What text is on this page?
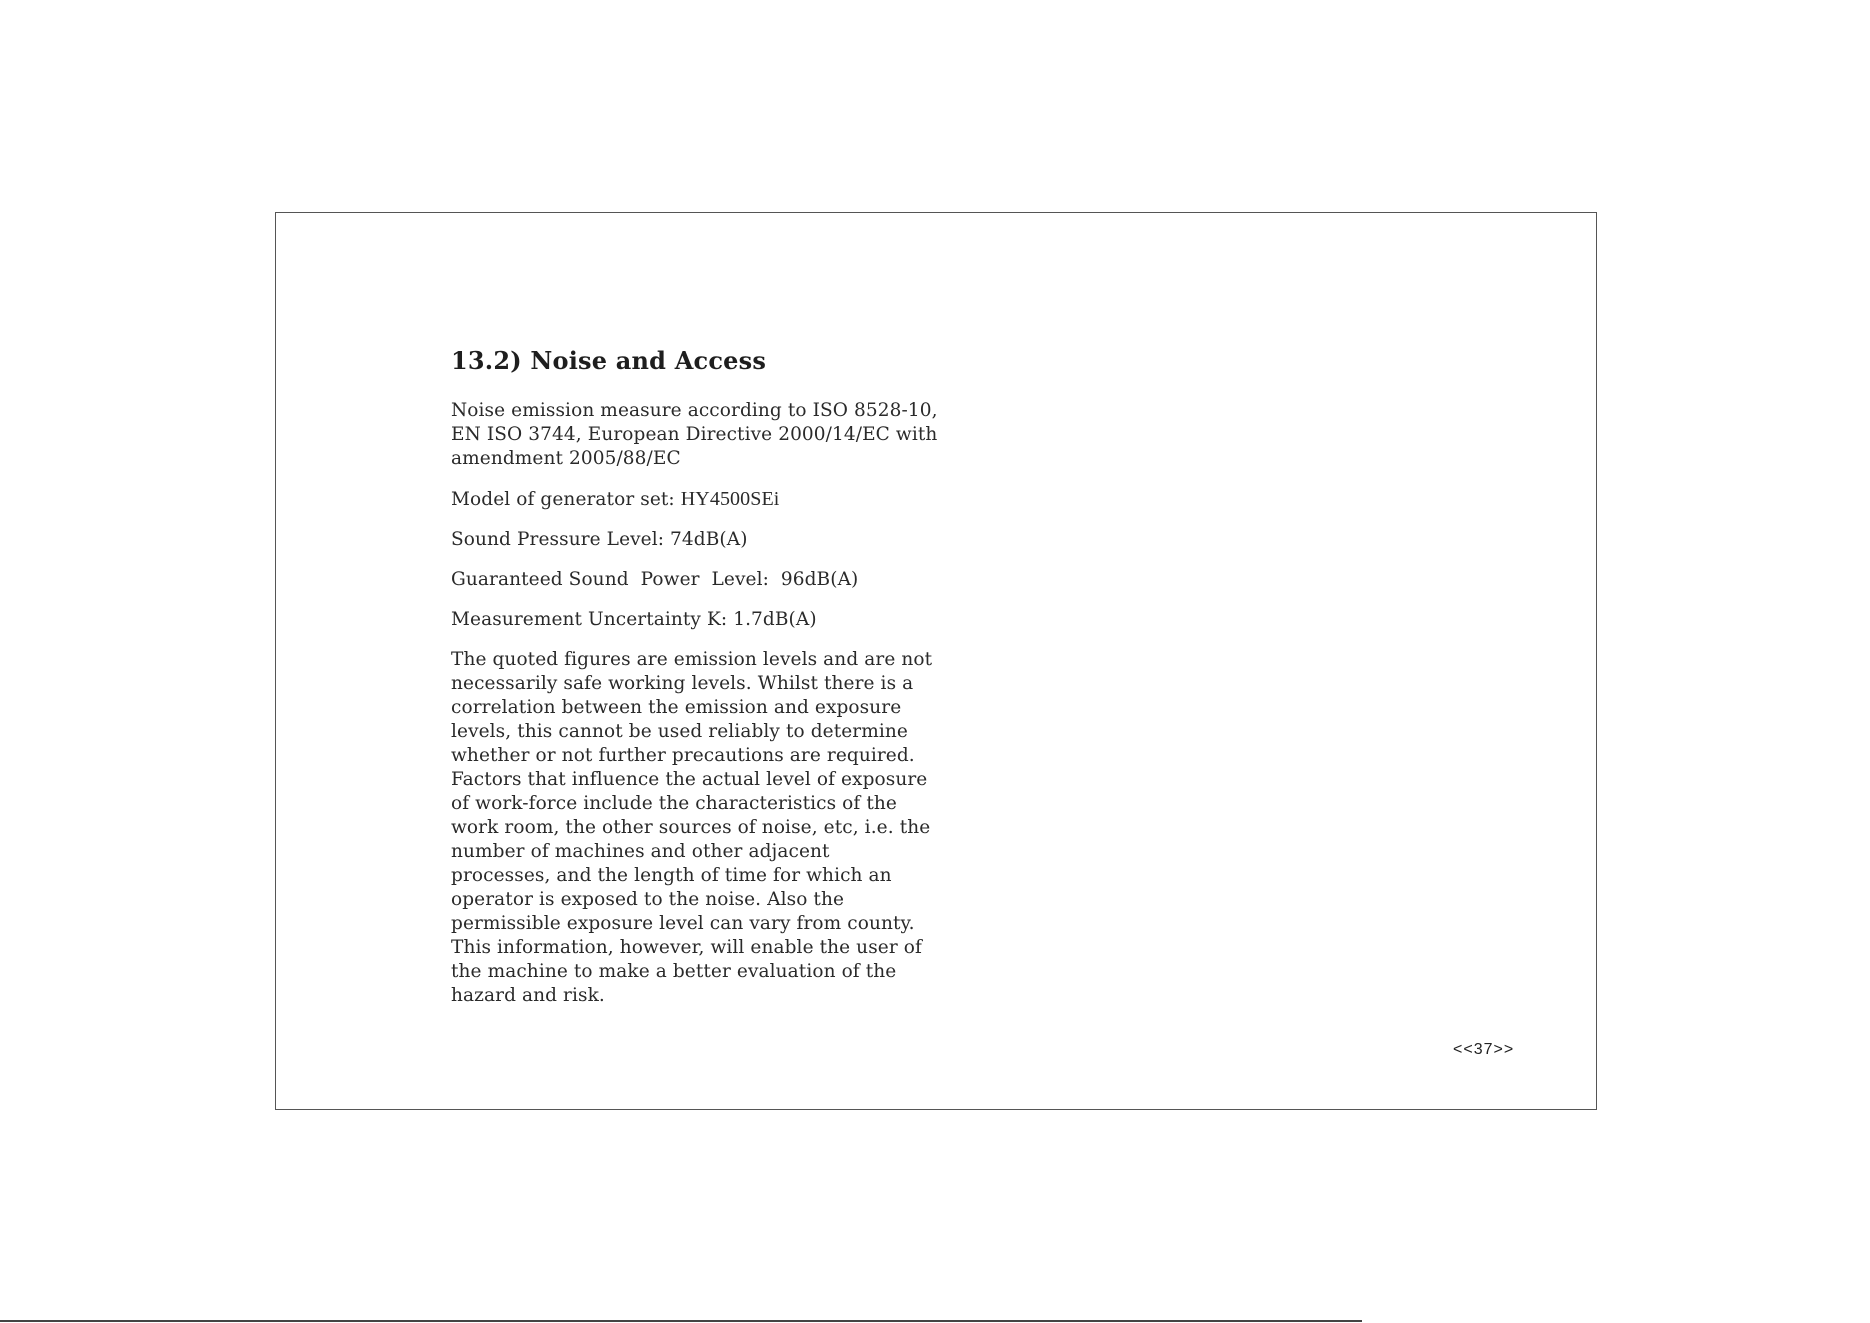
13.2) Noise and Access
Noise emission measure according to ISO 8528-10,
EN ISO 3744, European Directive 2000/14/EC with
amendment 2005/88/EC
Model of generator set: HY4500SEi
Sound Pressure Level: 74dB(A)
Guaranteed Sound  Power  Level:  96dB(A)
Measurement Uncertainty K: 1.7dB(A)
The quoted figures are emission levels and are not
necessarily safe working levels. Whilst there is a
correlation between the emission and exposure
levels, this cannot be used reliably to determine
whether or not further precautions are required.
Factors that influence the actual level of exposure
of work-force include the characteristics of the
work room, the other sources of noise, etc, i.e. the
number of machines and other adjacent
processes, and the length of time for which an
operator is exposed to the noise. Also the
permissible exposure level can vary from county.
This information, however, will enable the user of
the machine to make a better evaluation of the
hazard and risk.
<<37>>
